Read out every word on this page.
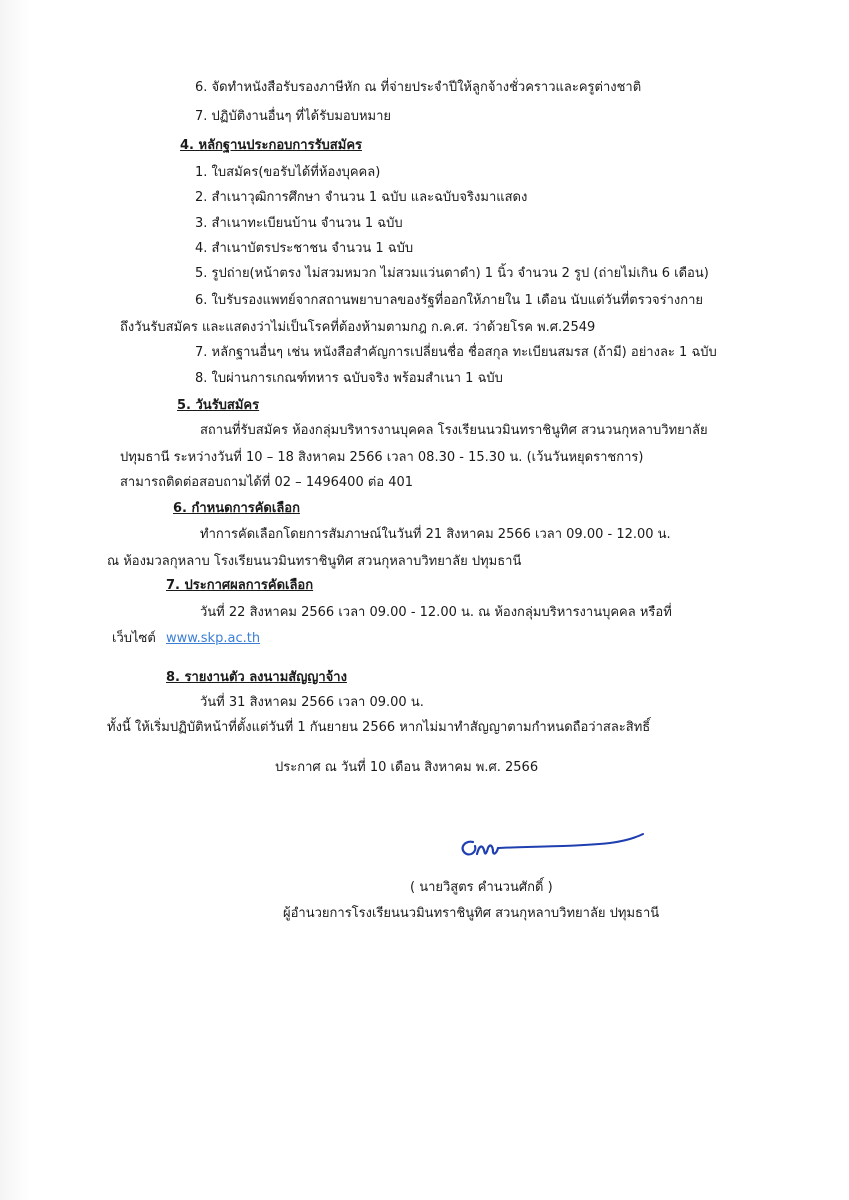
6. จัดทำหนังสือรับรองภาษีหัก ณ ที่จ่ายประจำปีให้ลูกจ้างชั่วคราวและครูต่างชาติ
7. ปฏิบัติงานอื่นๆ ที่ได้รับมอบหมาย
4. หลักฐานประกอบการรับสมัคร
1. ใบสมัคร(ขอรับได้ที่ห้องบุคคล)
2. สำเนาวุฒิการศึกษา จำนวน 1 ฉบับ และฉบับจริงมาแสดง
3. สำเนาทะเบียนบ้าน จำนวน 1 ฉบับ
4. สำเนาบัตรประชาชน จำนวน 1 ฉบับ
5. รูปถ่าย(หน้าตรง ไม่สวมหมวก ไม่สวมแว่นตาดำ) 1 นิ้ว จำนวน 2 รูป (ถ่ายไม่เกิน 6 เดือน)
6. ใบรับรองแพทย์จากสถานพยาบาลของรัฐที่ออกให้ภายใน 1 เดือน นับแต่วันที่ตรวจร่างกาย
ถึงวันรับสมัคร และแสดงว่าไม่เป็นโรคที่ต้องห้ามตามกฎ ก.ค.ศ. ว่าด้วยโรค พ.ศ.2549
7. หลักฐานอื่นๆ เช่น หนังสือสำคัญการเปลี่ยนชื่อ ชื่อสกุล ทะเบียนสมรส (ถ้ามี) อย่างละ 1 ฉบับ
8. ใบผ่านการเกณฑ์ทหาร ฉบับจริง พร้อมสำเนา 1 ฉบับ
5. วันรับสมัคร
สถานที่รับสมัคร ห้องกลุ่มบริหารงานบุคคล โรงเรียนนวมินทราชินูทิศ สวนวนกุหลาบวิทยาลัย
ปทุมธานี ระหว่างวันที่ 10 – 18 สิงหาคม 2566 เวลา 08.30 - 15.30 น. (เว้นวันหยุดราชการ)
สามารถติดต่อสอบถามได้ที่ 02 – 1496400 ต่อ 401
6. กำหนดการคัดเลือก
ทำการคัดเลือกโดยการสัมภาษณ์ในวันที่ 21 สิงหาคม 2566 เวลา 09.00 - 12.00 น.
ณ ห้องมวลกุหลาบ โรงเรียนนวมินทราชินูทิศ สวนกุหลาบวิทยาลัย ปทุมธานี
7. ประกาศผลการคัดเลือก
วันที่ 22 สิงหาคม 2566 เวลา 09.00 - 12.00 น. ณ ห้องกลุ่มบริหารงานบุคคล หรือที่
เว็บไซต์ www.skp.ac.th
8. รายงานตัว ลงนามสัญญาจ้าง
วันที่ 31 สิงหาคม 2566 เวลา 09.00 น.
ทั้งนี้ ให้เริ่มปฏิบัติหน้าที่ตั้งแต่วันที่ 1 กันยายน 2566 หากไม่มาทำสัญญาตามกำหนดถือว่าสละสิทธิ์
ประกาศ ณ วันที่ 10 เดือน สิงหาคม พ.ศ. 2566
( นายวิสูตร คำนวนศักดิ์ )
ผู้อำนวยการโรงเรียนนวมินทราชินูทิศ สวนกุหลาบวิทยาลัย ปทุมธานี
